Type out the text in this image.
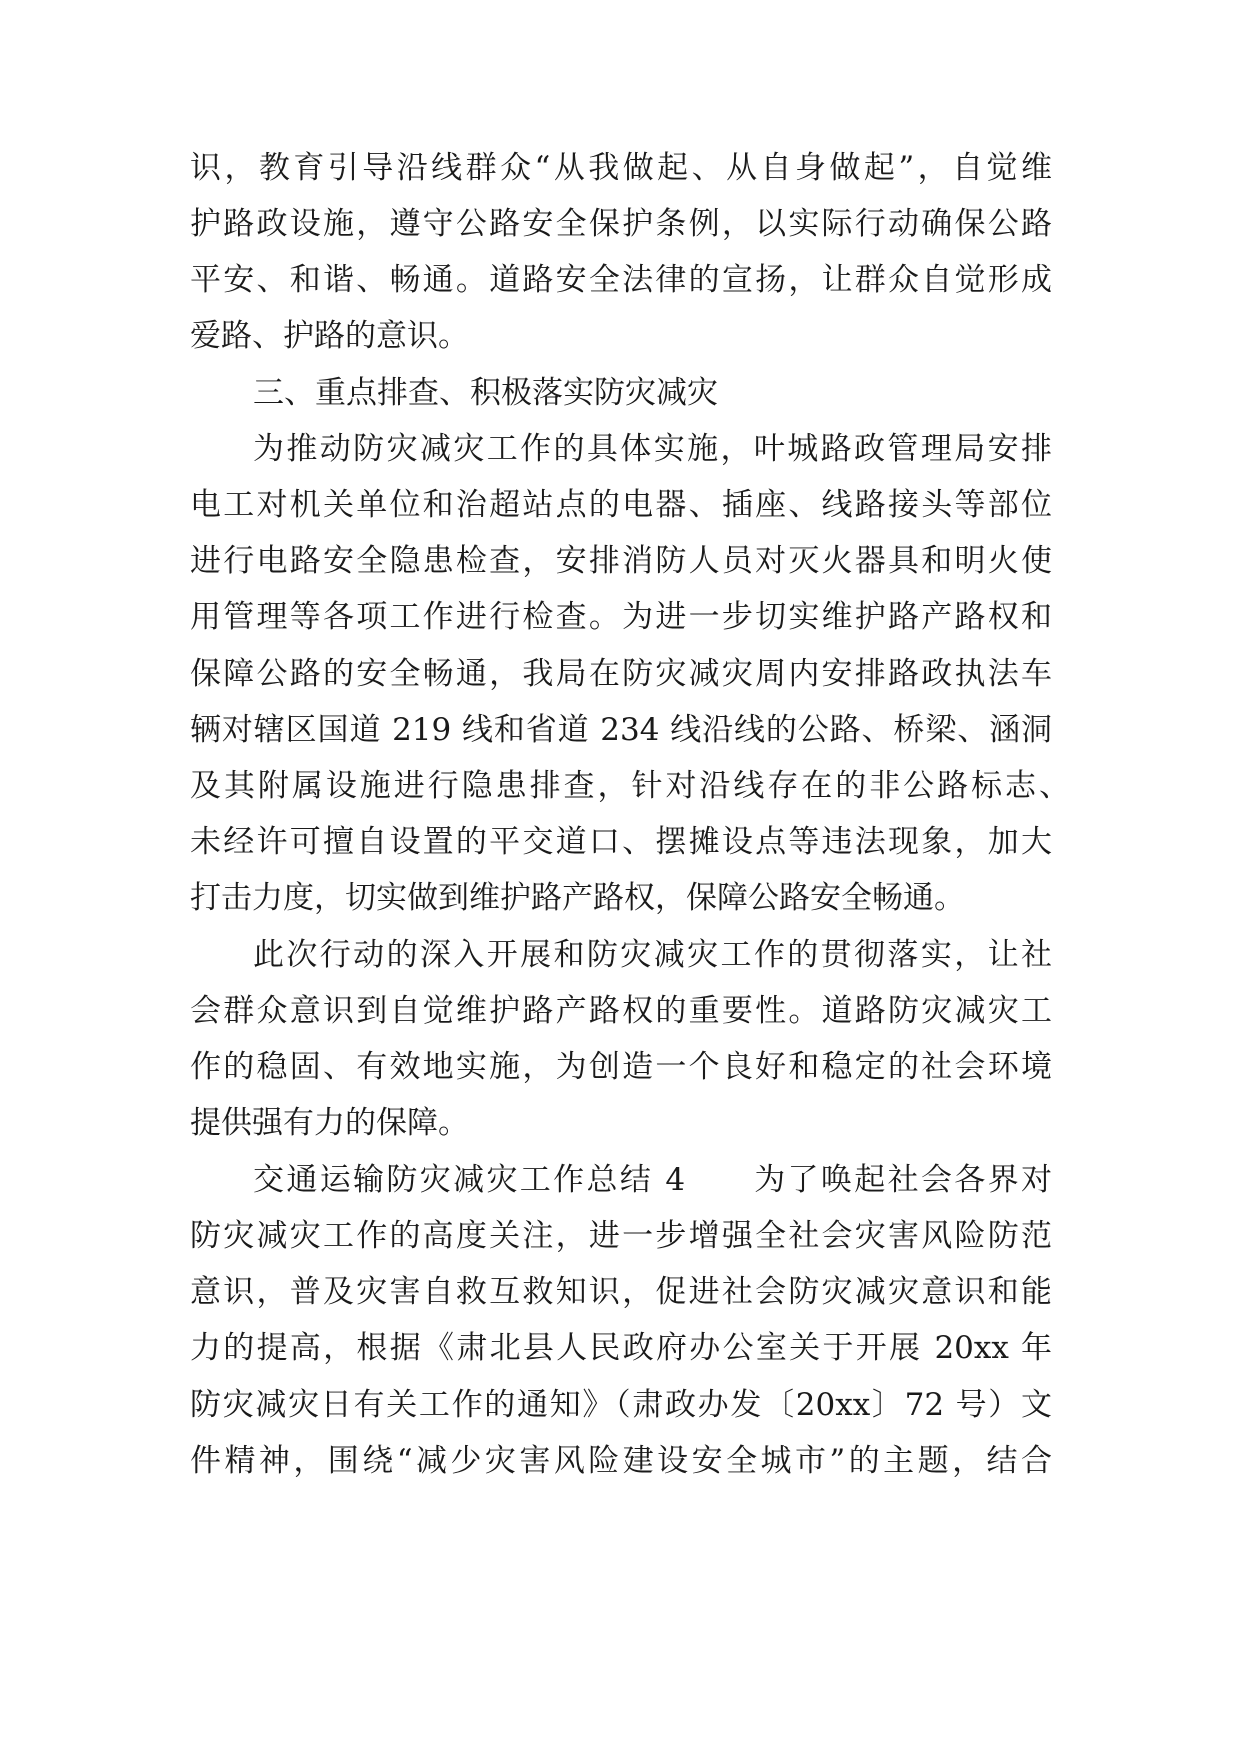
识，教育引导沿线群众“从我做起、从自身做起”，自觉维
护路政设施，遵守公路安全保护条例，以实际行动确保公路
平安、和谐、畅通。道路安全法律的宣扬，让群众自觉形成
爱路、护路的意识。
三、重点排查、积极落实防灾减灾
为推动防灾减灾工作的具体实施，叶城路政管理局安排
电工对机关单位和治超站点的电器、插座、线路接头等部位
进行电路安全隐患检查，安排消防人员对灭火器具和明火使
用管理等各项工作进行检查。为进一步切实维护路产路权和
保障公路的安全畅通，我局在防灾减灾周内安排路政执法车
辆对辖区国道 219 线和省道 234 线沿线的公路、桥梁、涵洞
及其附属设施进行隐患排查，针对沿线存在的非公路标志、
未经许可擅自设置的平交道口、摆摊设点等违法现象，加大
打击力度，切实做到维护路产路权，保障公路安全畅通。
此次行动的深入开展和防灾减灾工作的贯彻落实，让社
会群众意识到自觉维护路产路权的重要性。道路防灾减灾工
作的稳固、有效地实施，为创造一个良好和稳定的社会环境
提供强有力的保障。
交通运输防灾减灾工作总结 4　　为了唤起社会各界对
防灾减灾工作的高度关注，进一步增强全社会灾害风险防范
意识，普及灾害自救互救知识，促进社会防灾减灾意识和能
力的提高，根据《肃北县人民政府办公室关于开展 20xx 年
防灾减灾日有关工作的通知》（肃政办发〔20xx〕72 号）文
件精神，围绕“减少灾害风险建设安全城市”的主题，结合
